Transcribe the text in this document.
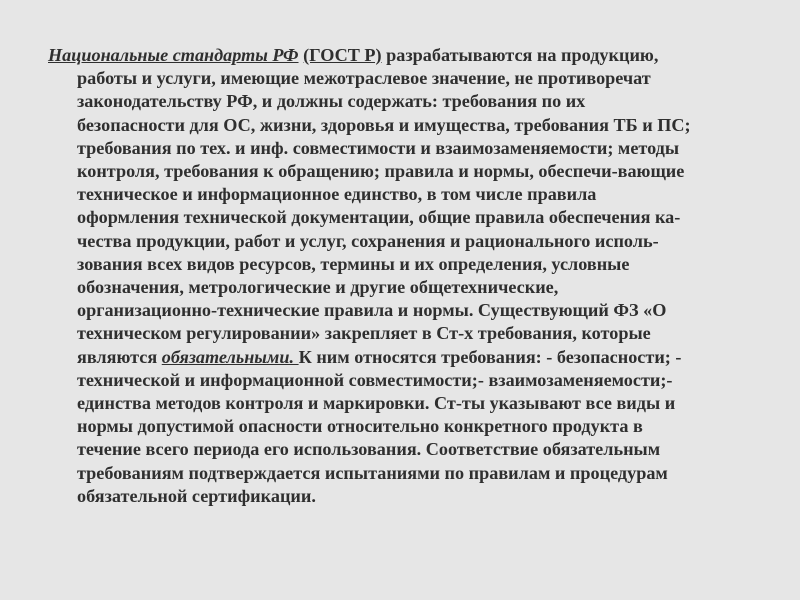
Национальные стандарты РФ (ГОСТ Р) разрабатываются на продукцию,
работы и услуги, имеющие межотраслевое значение, не противоречат
законодательству РФ, и должны содержать: требования по их
безопасности для ОС, жизни, здоровья и имущества, требования ТБ и ПС;
требования по тех. и инф. совместимости и взаимозаменяемости; методы
контроля, требования к обращению; правила и нормы, обеспечи-вающие
техническое и информационное единство, в том числе правила
оформления технической документации, общие правила обеспечения ка-
чества продукции, работ и услуг, сохранения и рационального исполь-
зования всех видов ресурсов, термины и их определения, условные
обозначения, метрологические и другие общетехнические,
организационно-технические правила и нормы. Существующий ФЗ «О
техническом регулировании» закрепляет в Ст-х требования, которые
являются обязательными. К ним относятся требования: - безопасности; -
технической и информационной совместимости;- взаимозаменяемости;-
единства методов контроля и маркировки. Ст-ты указывают все виды и
нормы допустимой опасности относительно конкретного продукта в
течение всего периода его использования. Соответствие обязательным
требованиям подтверждается испытаниями по правилам и процедурам
обязательной сертификации.
